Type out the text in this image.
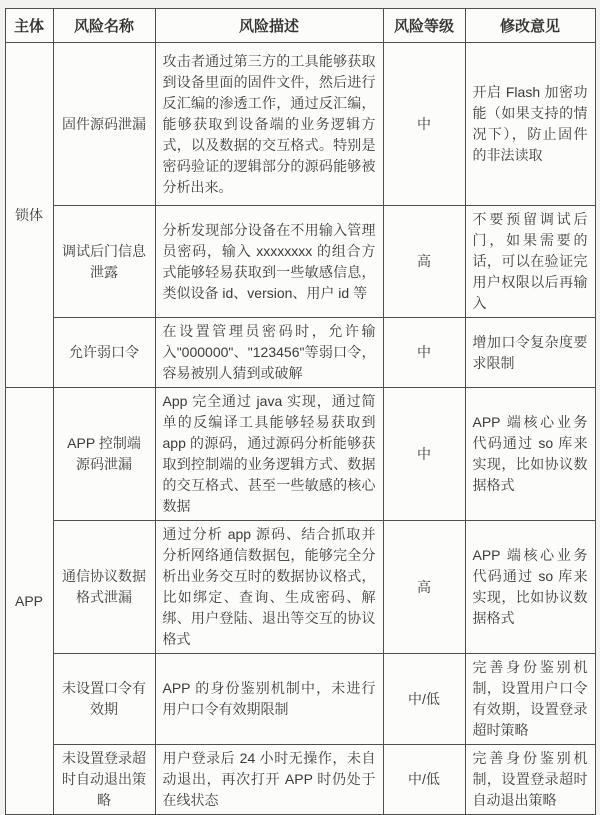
主体	风险名称	风险描述	风险等级	修改意见
锁体	固件源码泄漏	攻击者通过第三方的工具能够获取到设备里面的固件文件，然后进行反汇编的渗透工作，通过反汇编，能够获取到设备端的业务逻辑方式，以及数据的交互格式。特别是密码验证的逻辑部分的源码能够被分析出来。	中	开启 Flash 加密功能（如果支持的情况下），防止固件的非法读取
	调试后门信息泄露	分析发现部分设备在不用输入管理员密码，输入 xxxxxxxx 的组合方式能够轻易获取到一些敏感信息，类似设备 id、version、用户 id 等	高	不要预留调试后门，如果需要的话，可以在验证完用户权限以后再输入
	允许弱口令	在设置管理员密码时，允许输入"000000"、"123456"等弱口令，容易被别人猜到或破解	中	增加口令复杂度要求限制
APP	APP 控制端源码泄漏	App 完全通过 java 实现，通过简单的反编译工具能够轻易获取到 app 的源码，通过源码分析能够获取到控制端的业务逻辑方式、数据的交互格式、甚至一些敏感的核心数据	中	APP 端核心业务代码通过 so 库来实现，比如协议数据格式
	通信协议数据格式泄漏	通过分析 app 源码、结合抓取并分析网络通信数据包，能够完全分析出业务交互时的数据协议格式，比如绑定、查询、生成密码、解绑、用户登陆、退出等交互的协议格式	高	APP 端核心业务代码通过 so 库来实现，比如协议数据格式
	未设置口令有效期	APP 的身份鉴别机制中，未进行用户口令有效期限制	中/低	完善身份鉴别机制，设置用户口令有效期，设置登录超时策略
	未设置登录超时自动退出策略	用户登录后 24 小时无操作，未自动退出，再次打开 APP 时仍处于在线状态	中/低	完善身份鉴别机制，设置登录超时自动退出策略
